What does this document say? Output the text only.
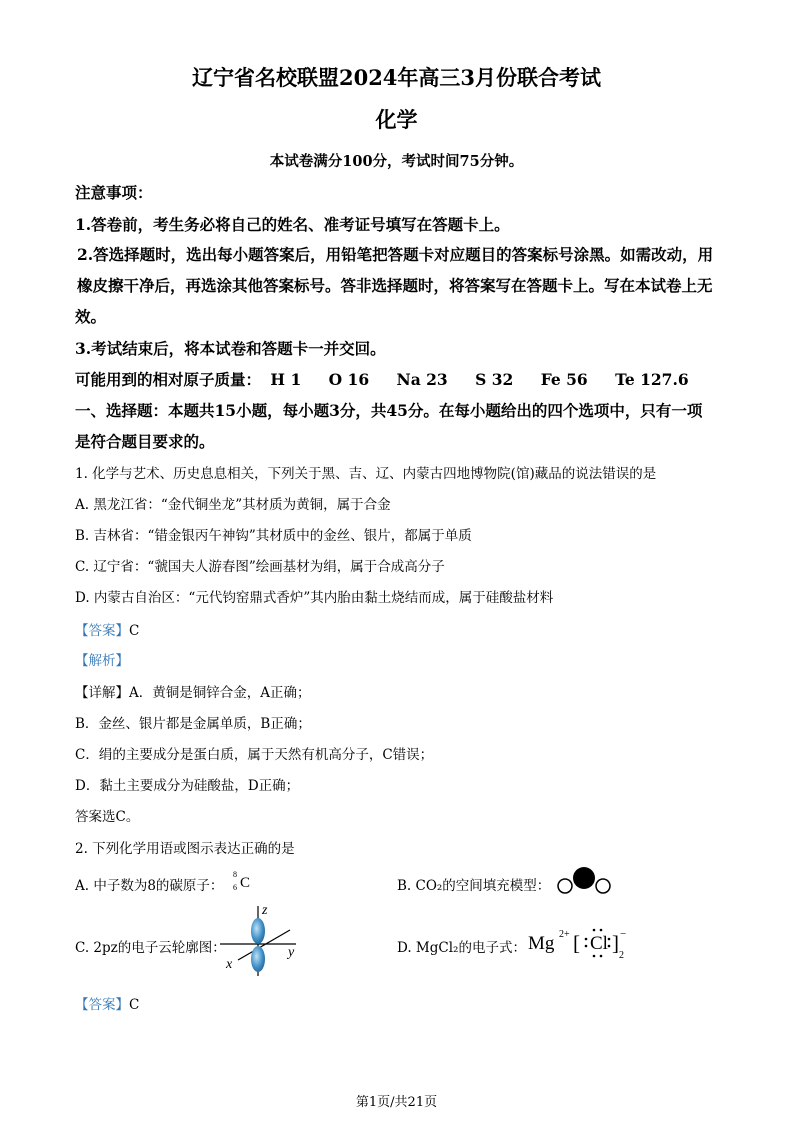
辽宁省名校联盟2024年高三3月份联合考试
化学
本试卷满分100分，考试时间75分钟。
注意事项：
1.答卷前，考生务必将自己的姓名、准考证号填写在答题卡上。
2.答选择题时，选出每小题答案后，用铅笔把答题卡对应题目的答案标号涂黑。如需改动，用
橡皮擦干净后，再选涂其他答案标号。答非选择题时，将答案写在答题卡上。写在本试卷上无
效。
3.考试结束后，将本试卷和答题卡一并交回。
可能用到的相对原子质量： H 1 O 16 Na 23 S 32 Fe 56 Te 127.6
一、选择题：本题共15小题，每小题3分，共45分。在每小题给出的四个选项中，只有一项
是符合题目要求的。
1. 化学与艺术、历史息息相关，下列关于黑、吉、辽、内蒙古四地博物院(馆)藏品的说法错误的是
A. 黑龙江省：“金代铜坐龙”其材质为黄铜，属于合金
B. 吉林省：“错金银丙午神钩”其材质中的金丝、银片，都属于单质
C. 辽宁省：“虢国夫人游春图”绘画基材为绢，属于合成高分子
D. 内蒙古自治区：“元代钧窑鼎式香炉”其内胎由黏土烧结而成，属于硅酸盐材料
【答案】C
【解析】
【详解】A．黄铜是铜锌合金，A正确；
B．金丝、银片都是金属单质，B正确；
C．绢的主要成分是蛋白质，属于天然有机高分子，C错误；
D．黏土主要成分为硅酸盐，D正确；
答案选C。
2. 下列化学用语或图示表达正确的是
A. 中子数为8的碳原子：
8
6 C	B. CO₂的空间填充模型：
C. 2pz的电子云轮廓图：
z
y
x
D. MgCl₂的电子式： Mg 2+ [ Cl ] −
2
【答案】C
第1页/共21页
